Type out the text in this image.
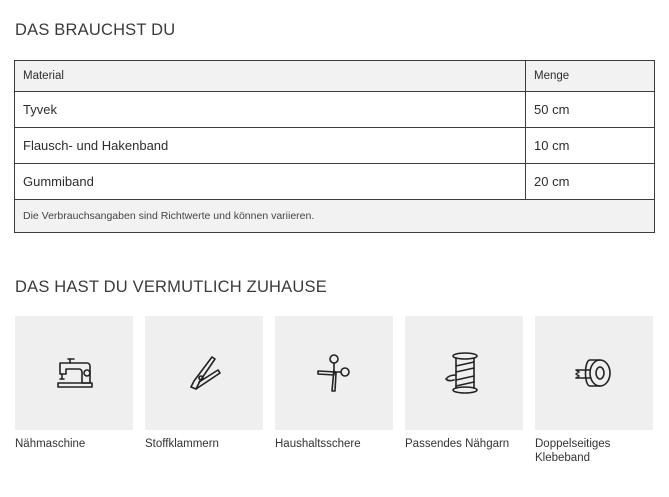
DAS BRAUCHST DU
Material	Menge
Tyvek	50 cm
Flausch- und Hakenband	10 cm
Gummiband	20 cm
Die Verbrauchsangaben sind Richtwerte und können variieren.	
DAS HAST DU VERMUTLICH ZUHAUSE
Nähmaschine	Stoffklammern	Haushaltsschere	Passendes Nähgarn	Doppelseitiges Klebeband
